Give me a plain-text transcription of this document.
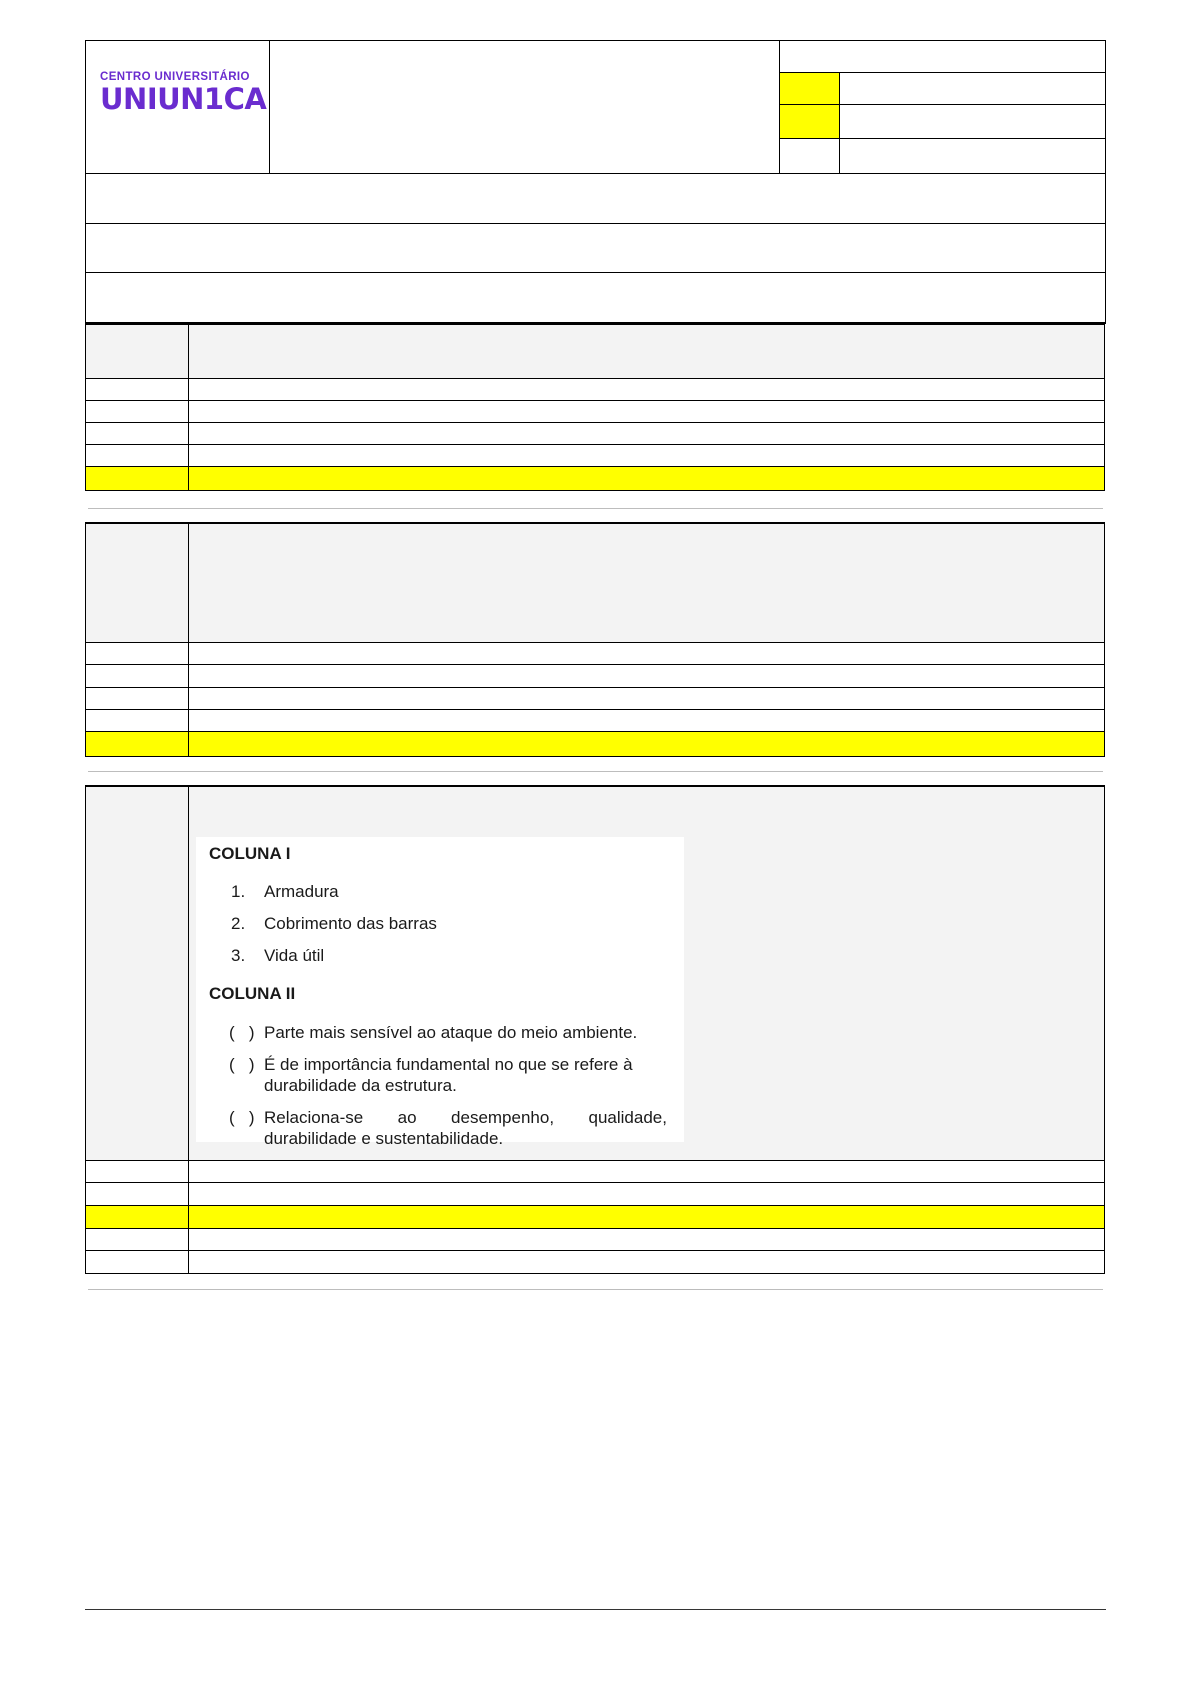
CENTRO UNIVERSITÁRIO
UNIUN1CA
COLUNA I
1. Armadura
2. Cobrimento das barras
3. Vida útil
COLUNA II
(   ) Parte mais sensível ao ataque do meio ambiente.
(   ) É de importância fundamental no que se refere à
durabilidade da estrutura.
(   ) Relaciona-se ao desempenho, qualidade,
durabilidade e sustentabilidade.
